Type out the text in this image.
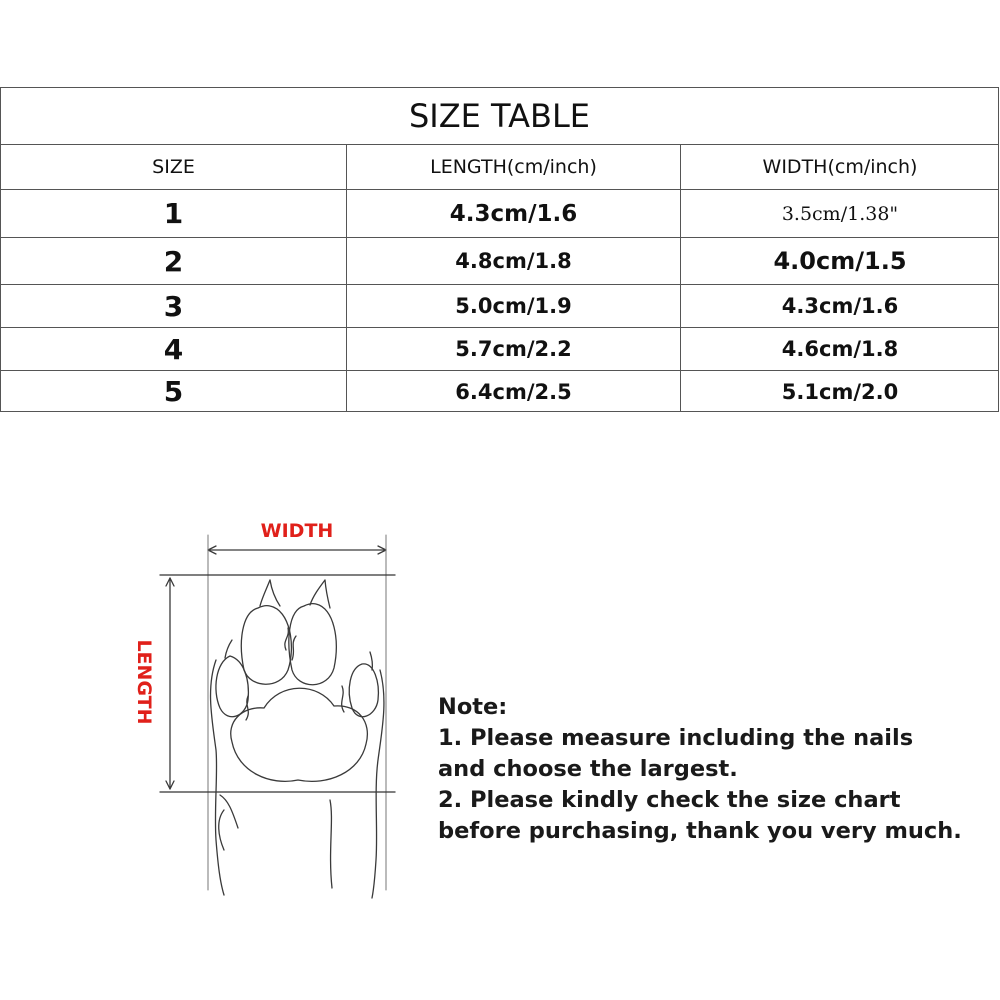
SIZE TABLE
SIZE	LENGTH(cm/inch)	WIDTH(cm/inch)
1	4.3cm/1.6	3.5cm/1.38"
2	4.8cm/1.8	4.0cm/1.5
3	5.0cm/1.9	4.3cm/1.6
4	5.7cm/2.2	4.6cm/1.8
5	6.4cm/2.5	5.1cm/2.0
WIDTH
LENGTH	Note:
1. Please measure including the nails
and choose the largest.
2. Please kindly check the size chart
before purchasing, thank you very much.
